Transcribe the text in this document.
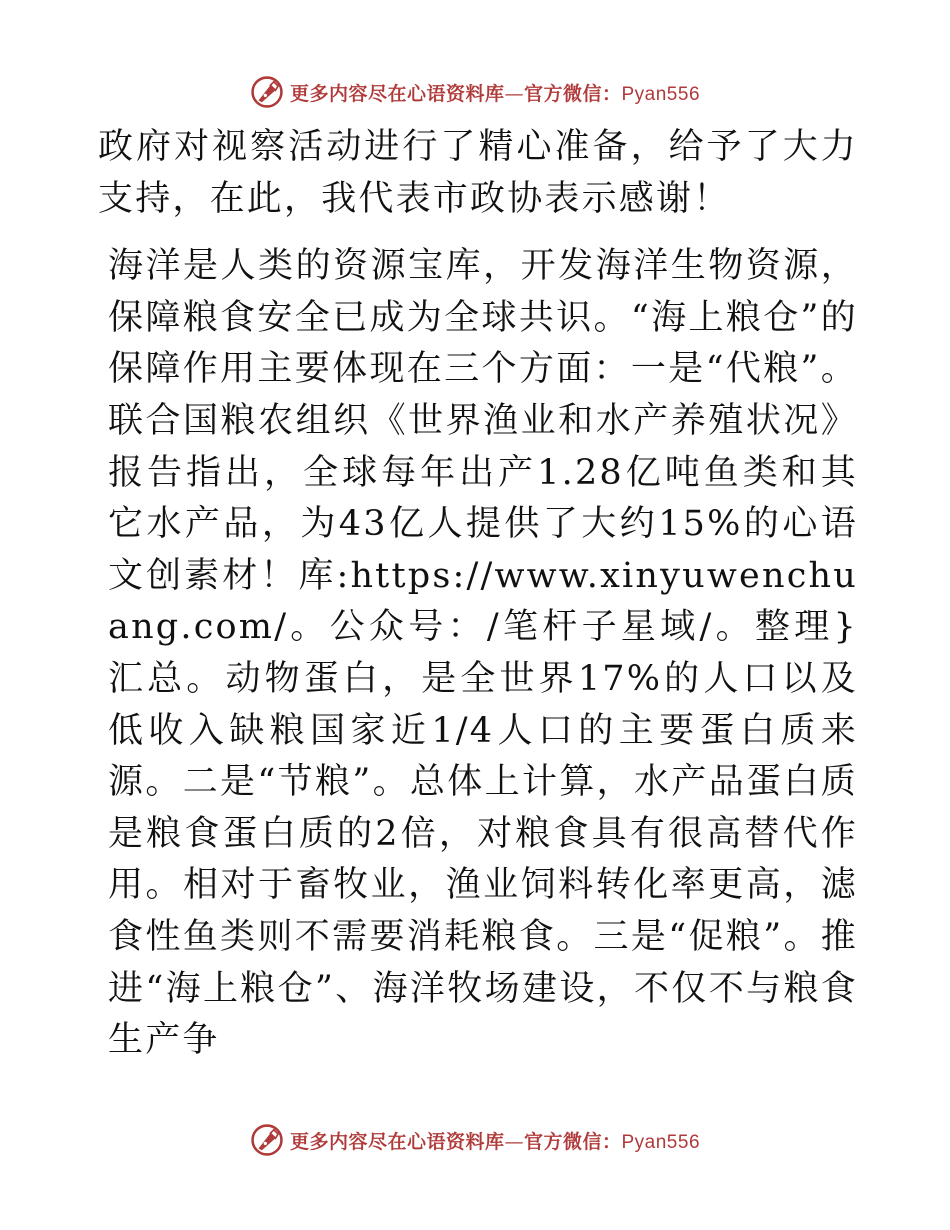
更多内容尽在心语资料库—官方微信：Pyan556

政府对视察活动进行了精心准备，给予了大力支持，在此，我代表市政协表示感谢！

海洋是人类的资源宝库，开发海洋生物资源，保障粮食安全已成为全球共识。“海上粮仓”的保障作用主要体现在三个方面：一是“代粮”。联合国粮农组织《世界渔业和水产养殖状况》报告指出，全球每年出产1.28亿吨鱼类和其它水产品，为43亿人提供了大约15%的心语文创素材！库:https://www.xinyuwenchuang.com/。公众号：/笔杆子星域/。整理}汇总。动物蛋白，是全世界17%的人口以及低收入缺粮国家近1/4人口的主要蛋白质来源。二是“节粮”。总体上计算，水产品蛋白质是粮食蛋白质的2倍，对粮食具有很高替代作用。相对于畜牧业，渔业饲料转化率更高，滤食性鱼类则不需要消耗粮食。三是“促粮”。推进“海上粮仓”、海洋牧场建设，不仅不与粮食生产争

更多内容尽在心语资料库—官方微信：Pyan556
